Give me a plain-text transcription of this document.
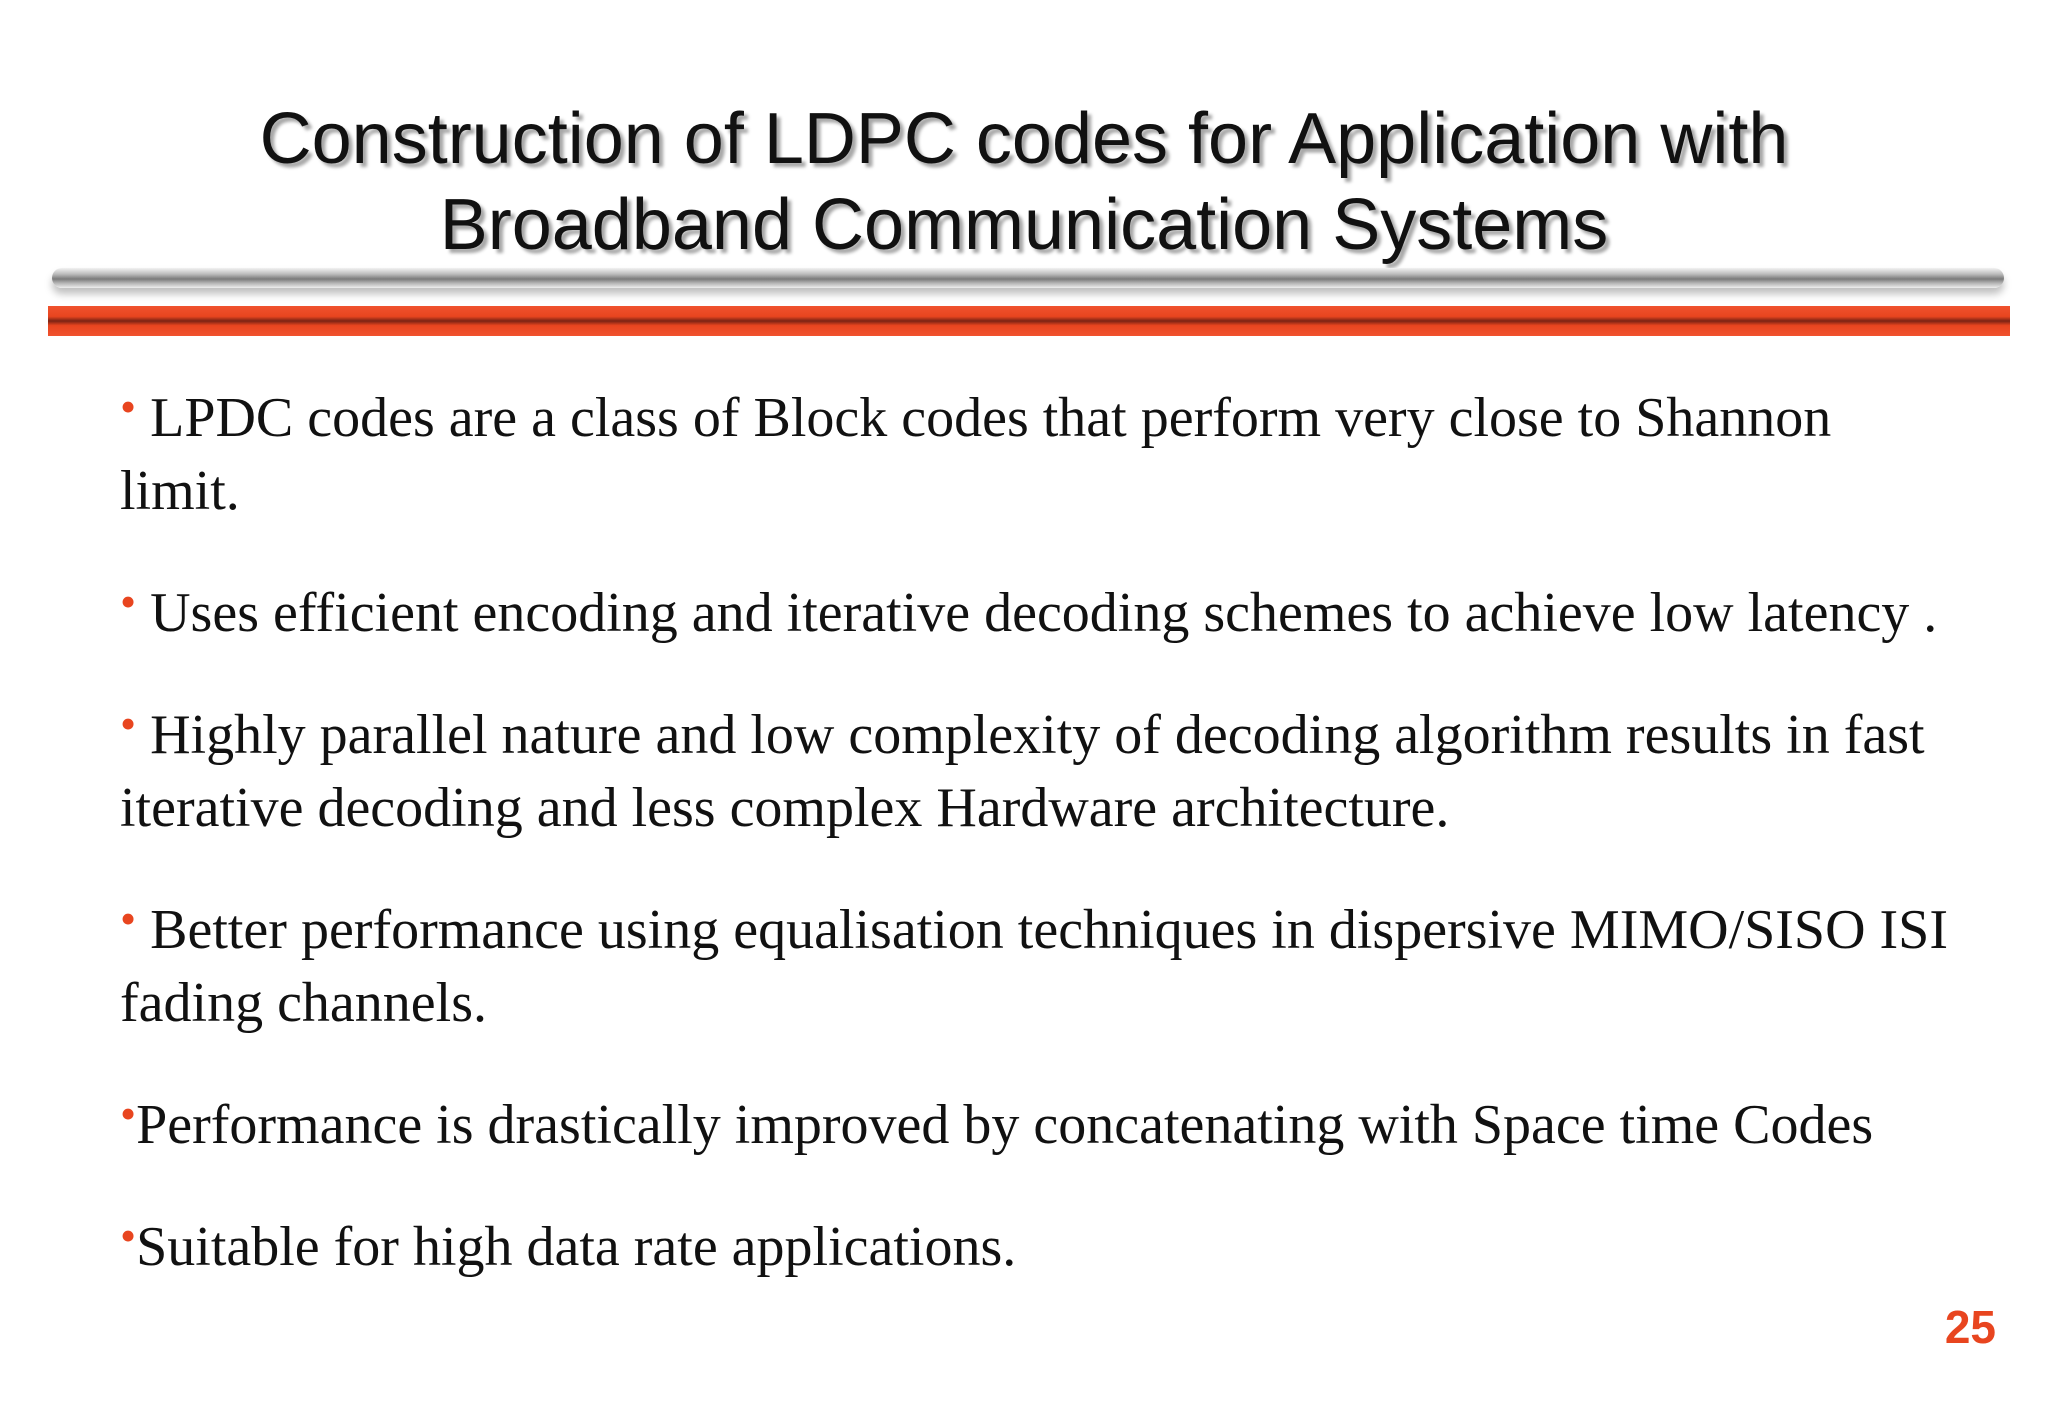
Construction of LDPC codes for Application with
Broadband Communication Systems
• LPDC codes are a class of Block codes that perform very close to Shannon limit.
• Uses efficient encoding and iterative decoding schemes to achieve low latency .
• Highly parallel nature and low complexity of decoding algorithm results in fast iterative decoding and less complex Hardware architecture.
• Better performance using equalisation techniques in dispersive MIMO/SISO ISI fading channels.
•Performance is drastically improved by concatenating with Space time Codes
•Suitable for high data rate applications.
25
